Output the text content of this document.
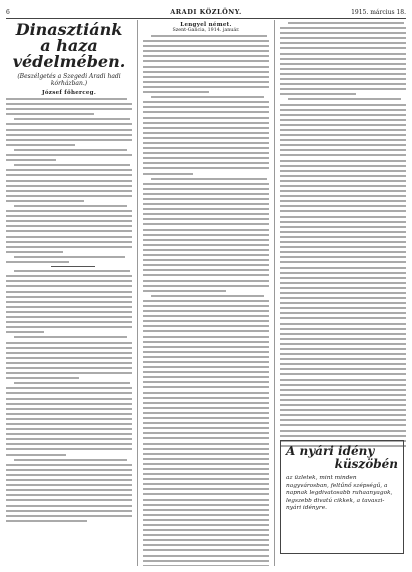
6	ARADI KÖZLÖNY.	1915. március 18.
Dinasztiánk
a haza védelmében.
(Beszélgetés a Szegedi Aradi hadi
kórházban.)
József főherceg.
Lengyel német.
Szent-Galicia, 1914. január.
A nyári idény
küszöbén
az üzletek, mint minden nagyvárosban, feltűnő szépségű, a napnak legdivatosabb ruhaanyagok, legszebb divatú cikkek, a tavaszi-nyári idényre.
